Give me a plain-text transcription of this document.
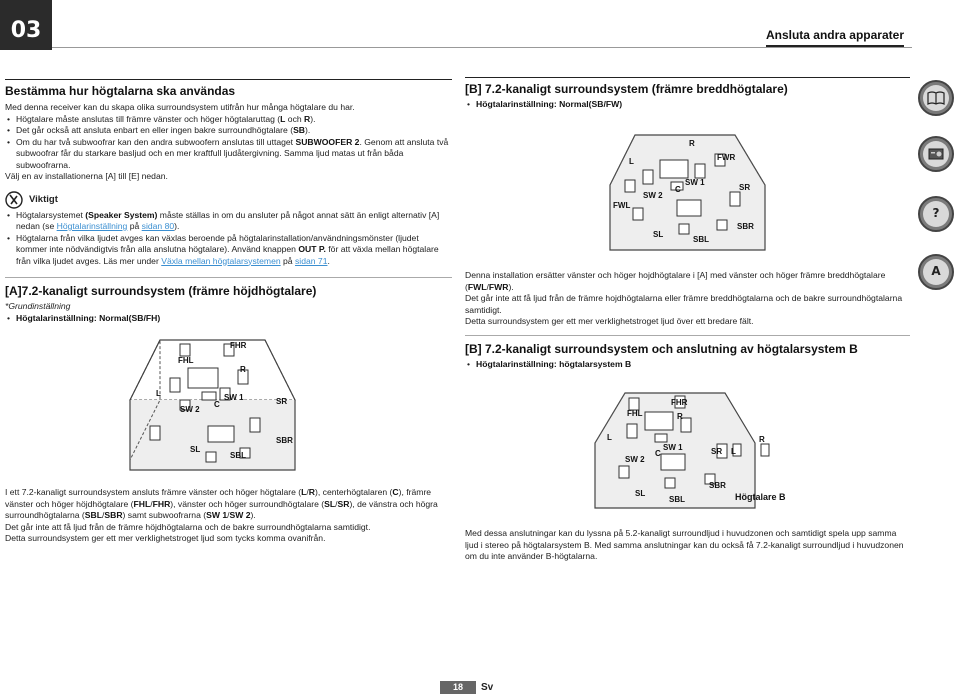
03	Ansluta andra apparater
Bestämma hur högtalarna ska användas

Med denna receiver kan du skapa olika surroundsystem utifrån hur många högtalare du har.

• Högtalare måste anslutas till främre vänster och höger högtalaruttag (L och R).
• Det går också att ansluta enbart en eller ingen bakre surroundhögtalare (SB).
• Om du har två subwoofrar kan den andra subwoofern anslutas till uttaget SUBWOOFER 2. Genom att ansluta två subwoofrar får du starkare basljud och en mer kraftfull ljudåtergivning. Samma ljud matas ut från båda subwoofrarna.

Välj en av installationerna [A] till [E] nedan.

Viktigt
• Högtalarsystemet (Speaker System) måste ställas in om du ansluter på något annat sätt än enligt alternativ [A] nedan (se Högtalarinställning på sidan 80).
• Högtalarna från vilka ljudet avges kan växlas beroende på högtalarinstallation/användningsmönster (ljudet kommer inte nödvändigtvis från alla anslutna högtalare). Använd knappen OUT P. för att växla mellan högtalare från vilka ljudet avges. Läs mer under Växla mellan högtalarsystemen på sidan 71.
[A]7.2-kanaligt surroundsystem (främre höjdhögtalare)

*Grundinställning

• Högtalarinställning: Normal(SB/FH)
FHR
FHL
R
L	SW 1
C
SW 2
SR
SL
SBR
SBL

I ett 7.2-kanaligt surroundsystem ansluts främre vänster och höger högtalare (L/R), centerhögtalaren (C), främre vänster och höger höjdhögtalare (FHL/FHR), vänster och höger surroundhögtalare (SL/SR), de vänstra och högra surroundhögtalarna (SBL/SBR) samt subwoofrarna (SW 1/SW 2).

Det går inte att få ljud från de främre höjdhögtalarna och de bakre surroundhögtalarna samtidigt.

Detta surroundsystem ger ett mer verklighetstroget ljud som tycks komma ovanifrån.

[B] 7.2-kanaligt surroundsystem (främre breddhögtalare)
• Högtalarinställning: Normal(SB/FW)
R
FWR
L
SW 1
C	SR
SW 2
FWL
SL
SBR
SBL

Denna installation ersätter vänster och höger hojdhögtalare i [A] med vänster och höger främre breddhögtalare (FWL/FWR).

Det går inte att få ljud från de främre hojdhögtalarna eller främre breddhögtalarna och de bakre surroundhögtalarna samtidigt.

Detta surroundsystem ger ett mer verklighetstroget ljud över ett bredare fält.

[B] 7.2-kanaligt surroundsystem och anslutning av högtalarsystem B
• Högtalarinställning: högtalarsystem B
FHR
FHL	R
L
SW 1	SR
C
SW 2
L
R
SBR
SL
SBL	Högtalare B

Med dessa anslutningar kan du lyssna på 5.2-kanaligt surroundljud i huvudzonen och samtidigt spela upp samma ljud i stereo på högtalarsystem B. Med samma anslutningar kan du också få 7.2-kanaligt surroundljud i huvudzonen om du inte använder B-högtalarna.

?
A
18	Sv
